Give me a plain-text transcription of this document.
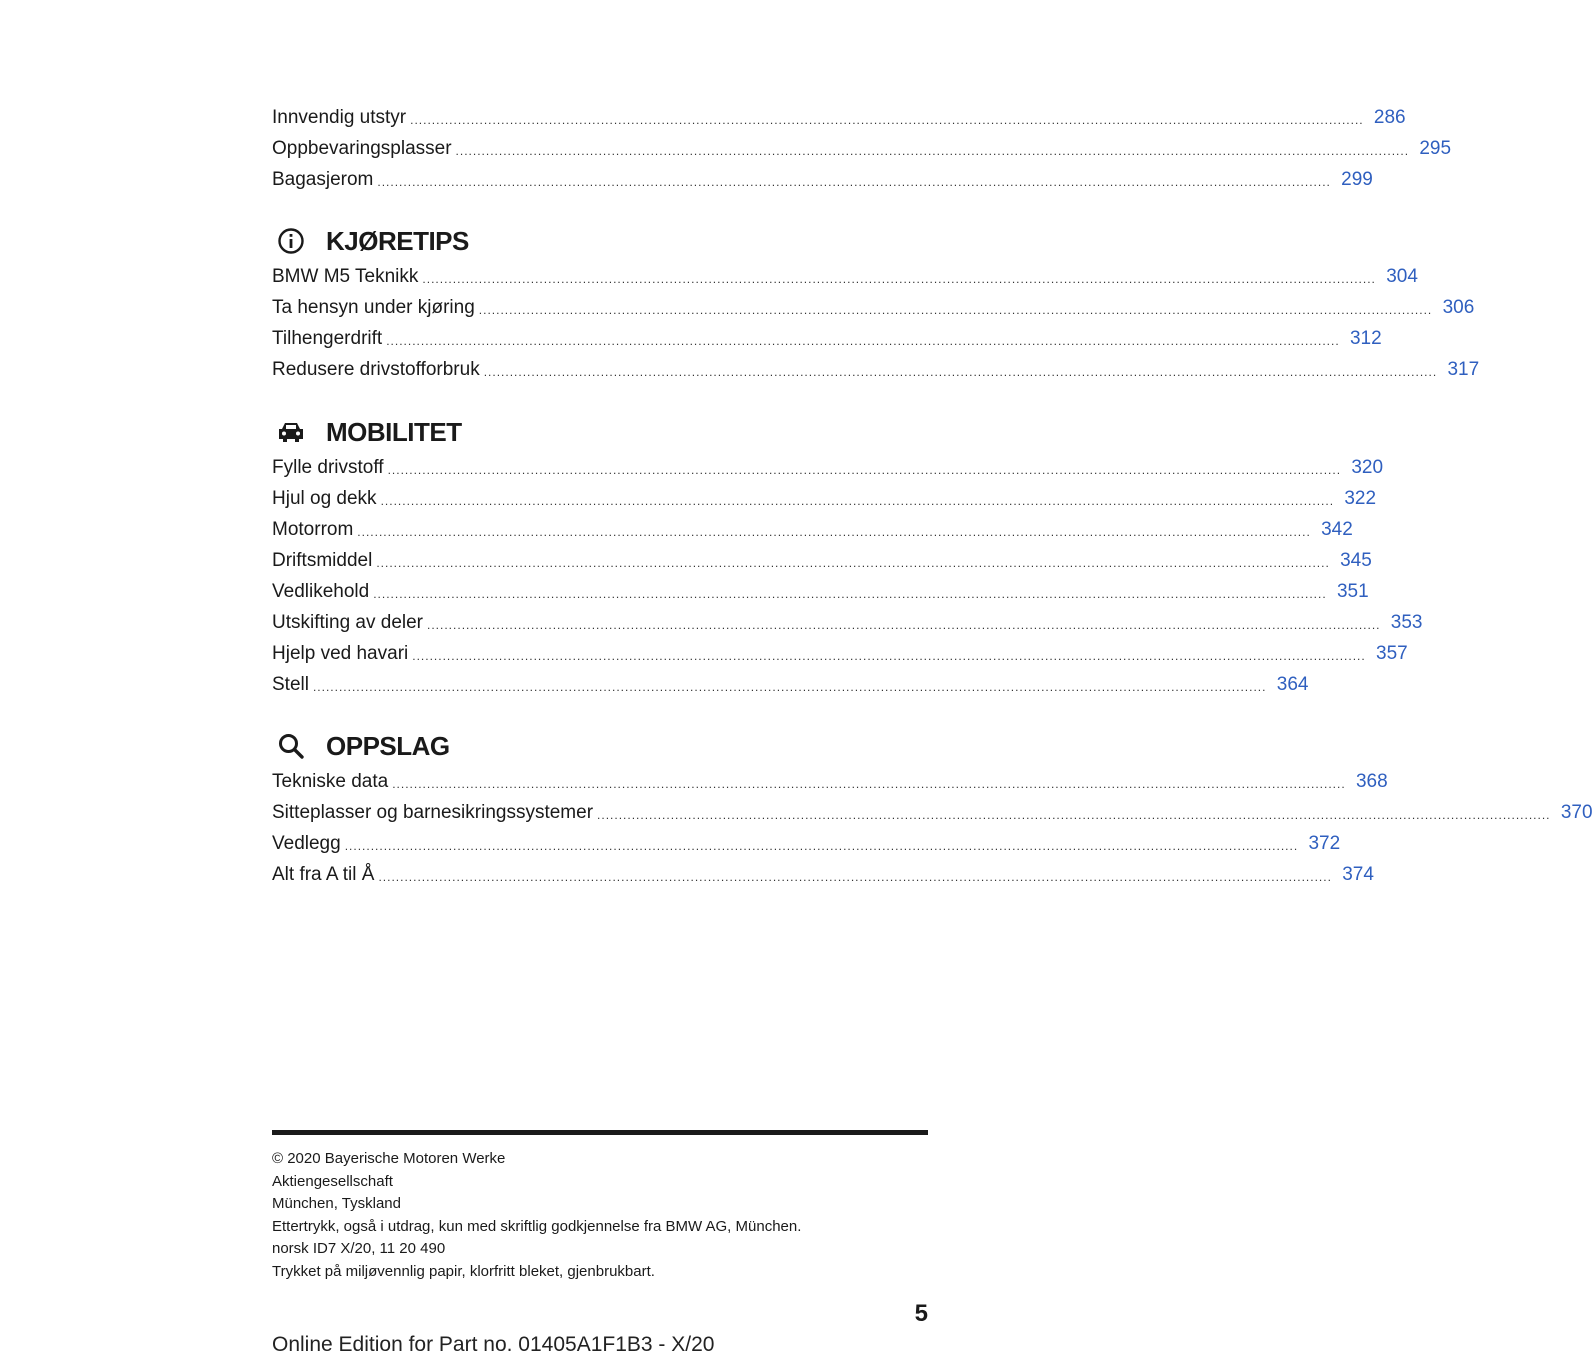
Innvendig utstyr ............................................................................................................................................................................................................................ 286
Oppbevaringsplasser ............................................................................................................................................................................................................................ 295
Bagasjerom ............................................................................................................................................................................................................................ 299
KJØRETIPS
BMW M5 Teknikk ............................................................................................................................................................................................................................ 304
Ta hensyn under kjøring ............................................................................................................................................................................................................................ 306
Tilhengerdrift ............................................................................................................................................................................................................................ 312
Redusere drivstofforbruk ............................................................................................................................................................................................................................ 317
MOBILITET
Fylle drivstoff ............................................................................................................................................................................................................................ 320
Hjul og dekk ............................................................................................................................................................................................................................ 322
Motorrom ............................................................................................................................................................................................................................ 342
Driftsmiddel ............................................................................................................................................................................................................................ 345
Vedlikehold ............................................................................................................................................................................................................................ 351
Utskifting av deler ............................................................................................................................................................................................................................ 353
Hjelp ved havari ............................................................................................................................................................................................................................ 357
Stell ............................................................................................................................................................................................................................ 364
OPPSLAG
Tekniske data ............................................................................................................................................................................................................................ 368
Sitteplasser og barnesikringssystemer ............................................................................................................................................................................................................................ 370
Vedlegg ............................................................................................................................................................................................................................ 372
Alt fra A til Å ............................................................................................................................................................................................................................ 374
© 2020 Bayerische Motoren Werke
Aktiengesellschaft
München, Tyskland
Ettertrykk, også i utdrag, kun med skriftlig godkjennelse fra BMW AG, München.
norsk ID7 X/20, 11 20 490
Trykket på miljøvennlig papir, klorfritt bleket, gjenbrukbart.
5
Online Edition for Part no. 01405A1F1B3 - X/20
